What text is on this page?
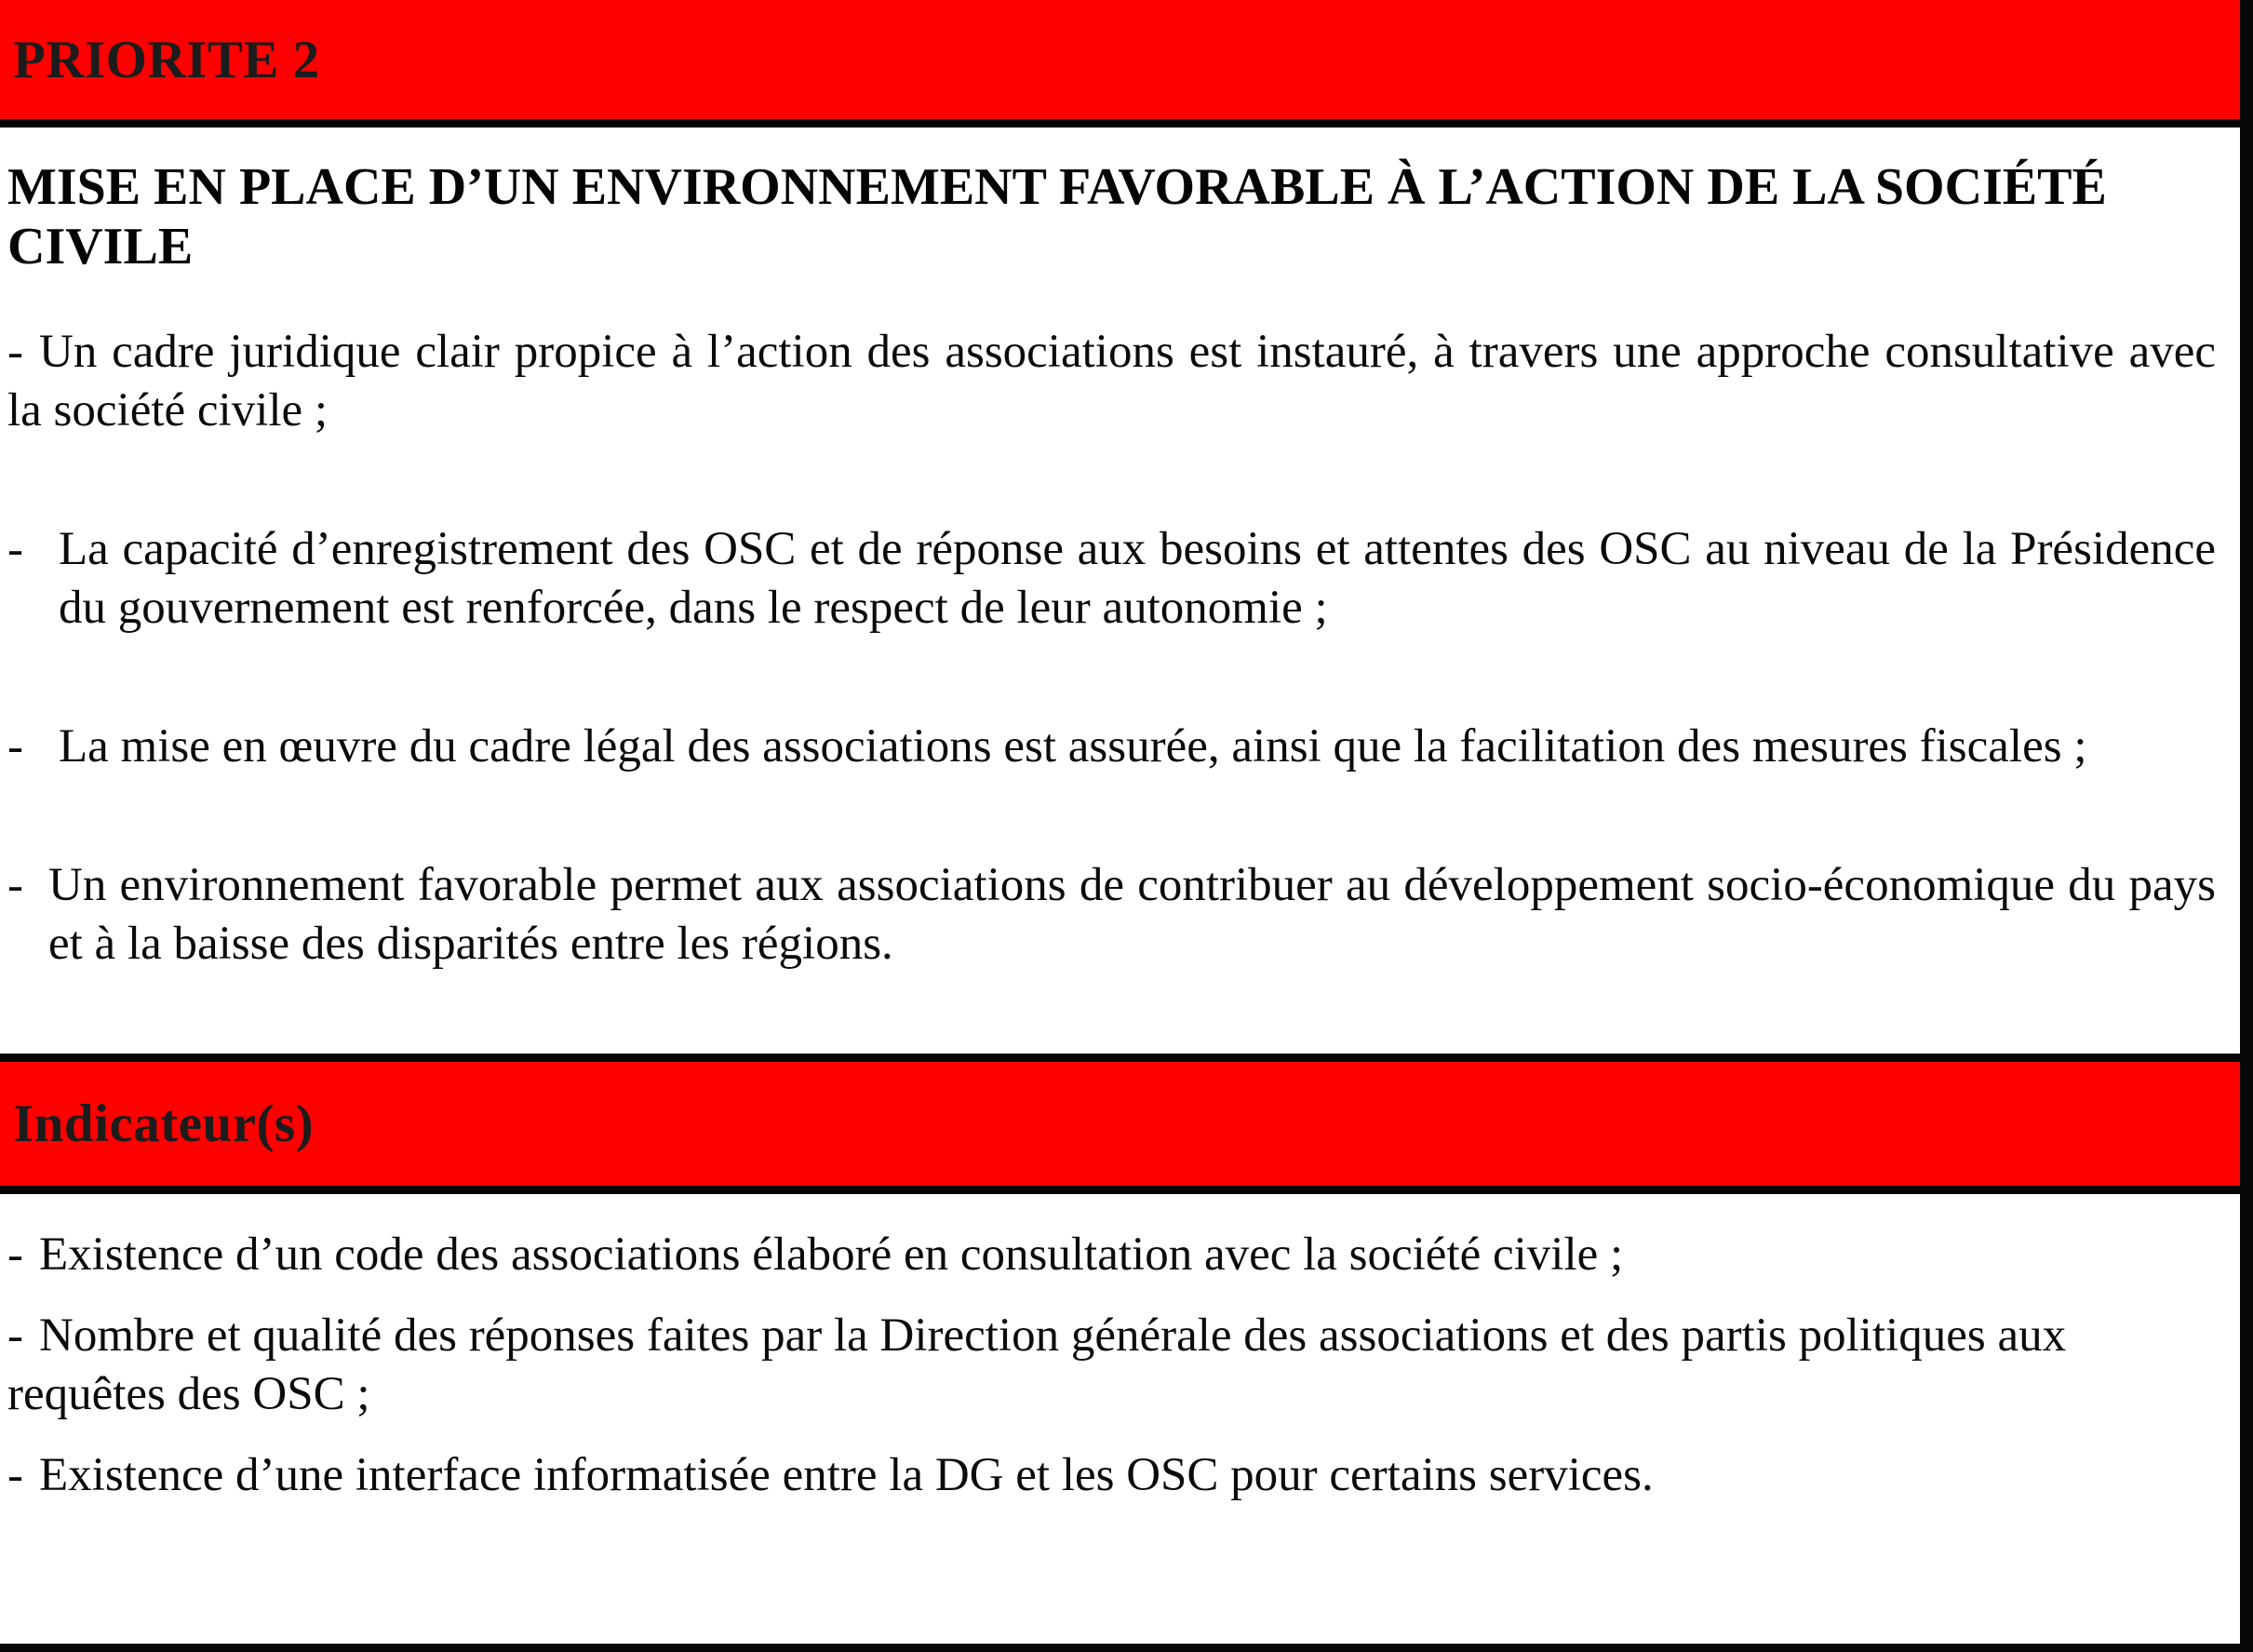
PRIORITE 2
MISE EN PLACE D’UN ENVIRONNEMENT FAVORABLE À L’ACTION DE LA SOCIÉTÉ CIVILE

- Un cadre juridique clair propice à l’action des associations est instauré, à travers une approche consultative avec la société civile ;

- La capacité d’enregistrement des OSC et de réponse aux besoins et attentes des OSC au niveau de la Présidence du gouvernement est renforcée, dans le respect de leur autonomie ;

- La mise en œuvre du cadre légal des associations est assurée, ainsi que la facilitation des mesures fiscales ;

- Un environnement favorable permet aux associations de contribuer au développement socio-économique du pays et à la baisse des disparités entre les régions.

Indicateur(s)

- Existence d’un code des associations élaboré en consultation avec la société civile ;

- Nombre et qualité des réponses faites par la Direction générale des associations et des partis politiques aux requêtes des OSC ;

- Existence d’une interface informatisée entre la DG et les OSC pour certains services.
